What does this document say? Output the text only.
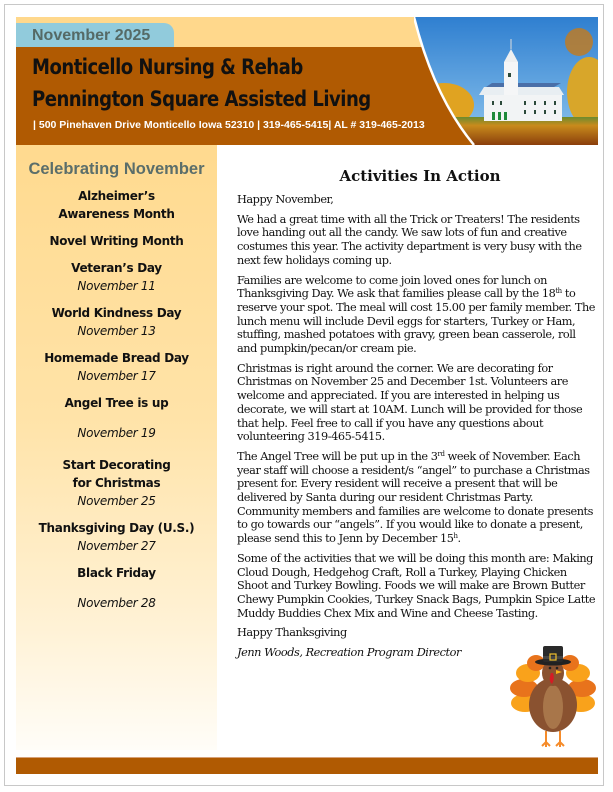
November 2025
Monticello Nursing & Rehab
Pennington Square Assisted Living
| 500 Pinehaven Drive Monticello Iowa 52310 | 319-465-5415| AL # 319-465-2013
Celebrating November
Alzheimer’s Awareness Month
Novel Writing Month
Veteran’s Day
November 11
World Kindness Day
November 13
Homemade Bread Day
November 17
Angel Tree is up
November 19
Start Decorating for Christmas
November 25
Thanksgiving Day (U.S.)
November 27
Black Friday
November 28
Activities In Action

Happy November,

We had a great time with all the Trick or Treaters! The residents love handing out all the candy. We saw lots of fun and creative costumes this year. The activity department is very busy with the next few holidays coming up.

Families are welcome to come join loved ones for lunch on Thanksgiving Day. We ask that families please call by the 18th to reserve your spot. The meal will cost 15.00 per family member. The lunch menu will include Devil eggs for starters, Turkey or Ham, stuffing, mashed potatoes with gravy, green bean casserole, roll and pumpkin/pecan/or cream pie.

Christmas is right around the corner. We are decorating for Christmas on November 25 and December 1st. Volunteers are welcome and appreciated. If you are interested in helping us decorate, we will start at 10AM. Lunch will be provided for those that help. Feel free to call if you have any questions about volunteering 319-465-5415.

The Angel Tree will be put up in the 3rd week of November. Each year staff will choose a resident/s “angel” to purchase a Christmas present for. Every resident will receive a present that will be delivered by Santa during our resident Christmas Party. Community members and families are welcome to donate presents to go towards our “angels”. If you would like to donate a present, please send this to Jenn by December 15$^h$.

Some of the activities that we will be doing this month are: Making Cloud Dough, Hedgehog Craft, Roll a Turkey, Playing Chicken Shoot and Turkey Bowling. Foods we will make are Brown Butter Chewy Pumpkin Cookies, Turkey Snack Bags, Pumpkin Spice Latte Muddy Buddies Chex Mix and Wine and Cheese Tasting.

Happy Thanksgiving

Jenn Woods, Recreation Program Director
